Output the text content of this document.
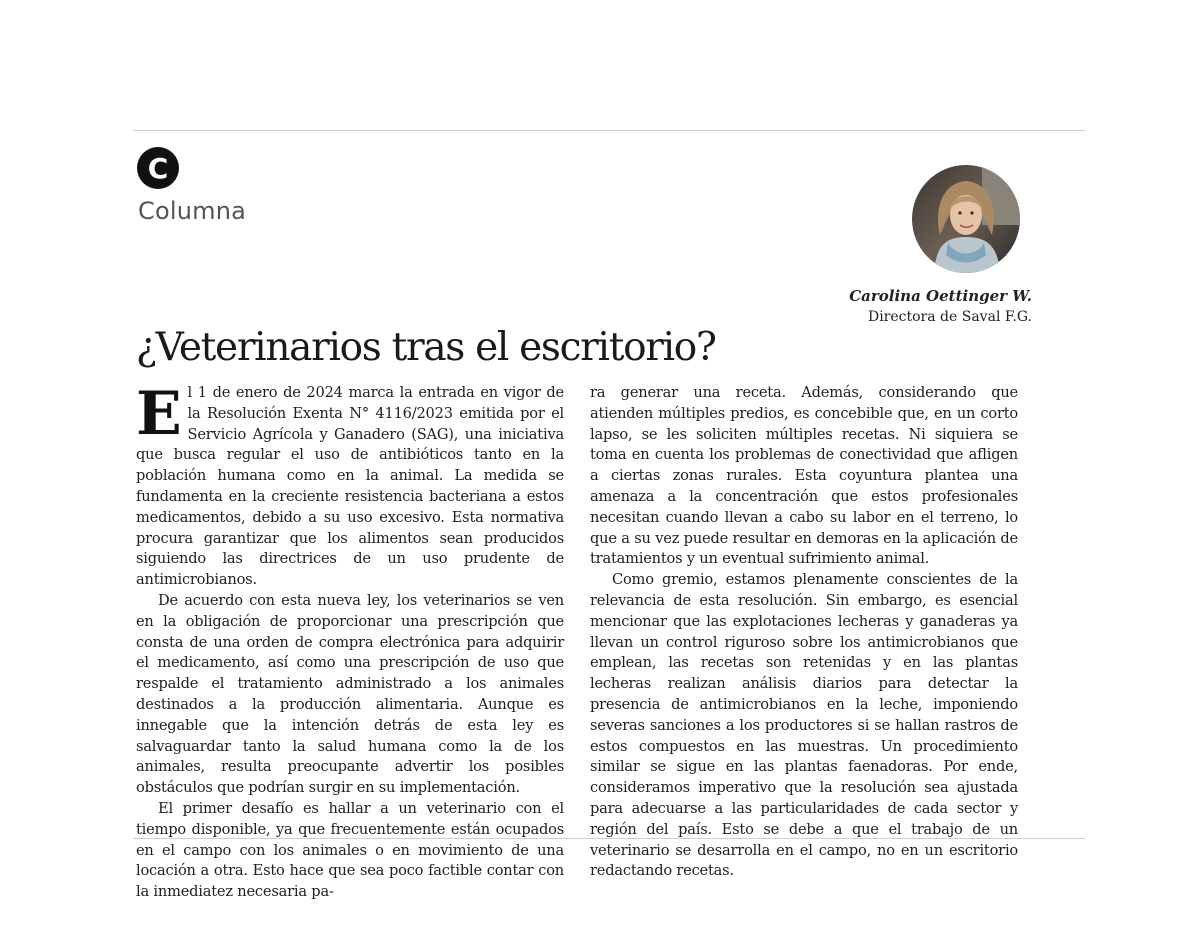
C
Columna
Carolina Oettinger W.
Directora de Saval F.G.
¿Veterinarios tras el escritorio?

El 1 de enero de 2024 marca la entrada en vigor de la Resolución Exenta N° 4116/2023 emitida por el Servicio Agrícola y Ganadero (SAG), una iniciativa que busca regular el uso de antibióticos tanto en la población humana como en la animal. La medida se fundamenta en la creciente resistencia bacteriana a estos medicamentos, debido a su uso excesivo. Esta normativa procura garantizar que los alimentos sean producidos siguiendo las directrices de un uso prudente de antimicrobianos.

De acuerdo con esta nueva ley, los veterinarios se ven en la obligación de proporcionar una prescripción que consta de una orden de compra electrónica para adquirir el medicamento, así como una prescripción de uso que respalde el tratamiento administrado a los animales destinados a la producción alimentaria. Aunque es innegable que la intención detrás de esta ley es salvaguardar tanto la salud humana como la de los animales, resulta preocupante advertir los posibles obstáculos que podrían surgir en su implementación.

El primer desafío es hallar a un veterinario con el tiempo disponible, ya que frecuentemente están ocupados en el campo con los animales o en movimiento de una locación a otra. Esto hace que sea poco factible contar con la inmediatez necesaria pa-

ra generar una receta. Además, considerando que atienden múltiples predios, es concebible que, en un corto lapso, se les soliciten múltiples recetas. Ni siquiera se toma en cuenta los problemas de conectividad que afligen a ciertas zonas rurales. Esta coyuntura plantea una amenaza a la concentración que estos profesionales necesitan cuando llevan a cabo su labor en el terreno, lo que a su vez puede resultar en demoras en la aplicación de tratamientos y un eventual sufrimiento animal.

Como gremio, estamos plenamente conscientes de la relevancia de esta resolución. Sin embargo, es esencial mencionar que las explotaciones lecheras y ganaderas ya llevan un control riguroso sobre los antimicrobianos que emplean, las recetas son retenidas y en las plantas lecheras realizan análisis diarios para detectar la presencia de antimicrobianos en la leche, imponiendo severas sanciones a los productores si se hallan rastros de estos compuestos en las muestras. Un procedimiento similar se sigue en las plantas faenadoras. Por ende, consideramos imperativo que la resolución sea ajustada para adecuarse a las particularidades de cada sector y región del país. Esto se debe a que el trabajo de un veterinario se desarrolla en el campo, no en un escritorio redactando recetas.
